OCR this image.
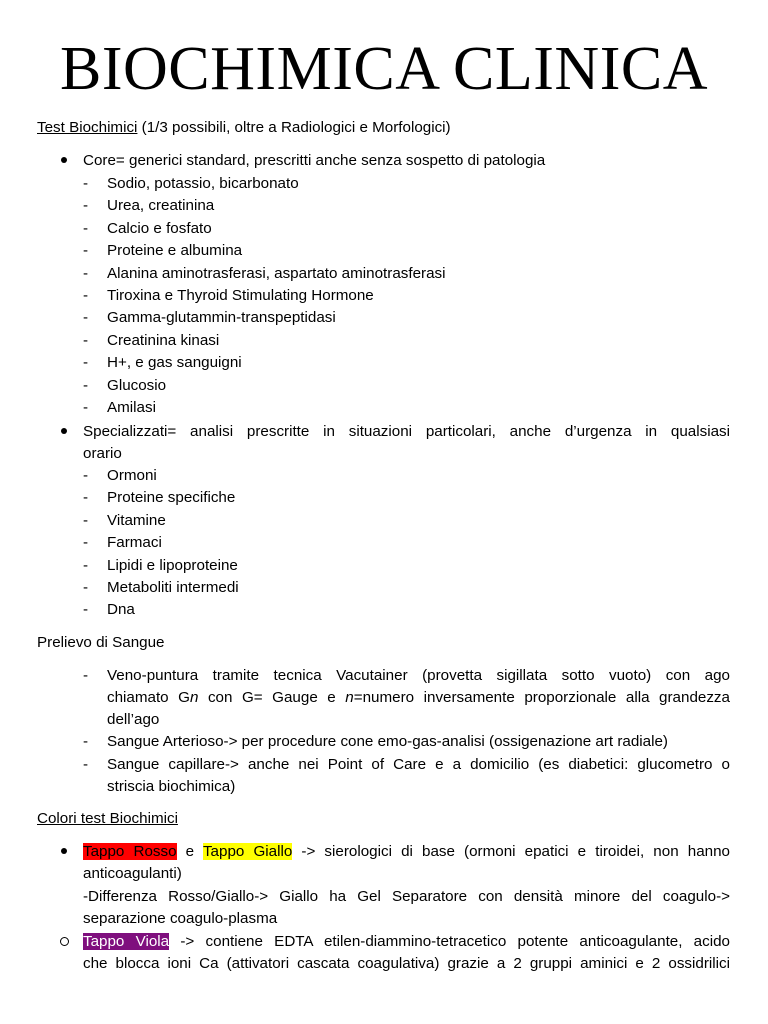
BIOCHIMICA CLINICA
Test Biochimici (1/3 possibili, oltre a Radiologici e Morfologici)
Core= generici standard, prescritti anche senza sospetto di patologia
- Sodio, potassio, bicarbonato
- Urea, creatinina
- Calcio e fosfato
- Proteine e albumina
- Alanina aminotrasferasi, aspartato aminotrasferasi
- Tiroxina e Thyroid Stimulating Hormone
- Gamma-glutammin-transpeptidasi
- Creatinina kinasi
- H+, e gas sanguigni
- Glucosio
- Amilasi
Specializzati= analisi prescritte in situazioni particolari, anche d’urgenza in qualsiasi
orario
- Ormoni
- Proteine specifiche
- Vitamine
- Farmaci
- Lipidi e lipoproteine
- Metaboliti intermedi
- Dna
Prelievo di Sangue
- Veno-puntura tramite tecnica Vacutainer (provetta sigillata sotto vuoto) con ago
chiamato Gn con G= Gauge e n=numero inversamente proporzionale alla grandezza
dell’ago
- Sangue Arterioso-> per procedure cone emo-gas-analisi (ossigenazione art radiale)
- Sangue capillare-> anche nei Point of Care e a domicilio (es diabetici: glucometro o
striscia biochimica)
Colori test Biochimici
Tappo Rosso e Tappo Giallo -> sierologici di base (ormoni epatici e tiroidei, non hanno
anticoagulanti)
-Differenza Rosso/Giallo-> Giallo ha Gel Separatore con densità minore del coagulo->
separazione coagulo-plasma
Tappo Viola -> contiene EDTA etilen-diammino-tetracetico potente anticoagulante, acido
che blocca ioni Ca (attivatori cascata coagulativa) grazie a 2 gruppi aminici e 2 ossidrilici
